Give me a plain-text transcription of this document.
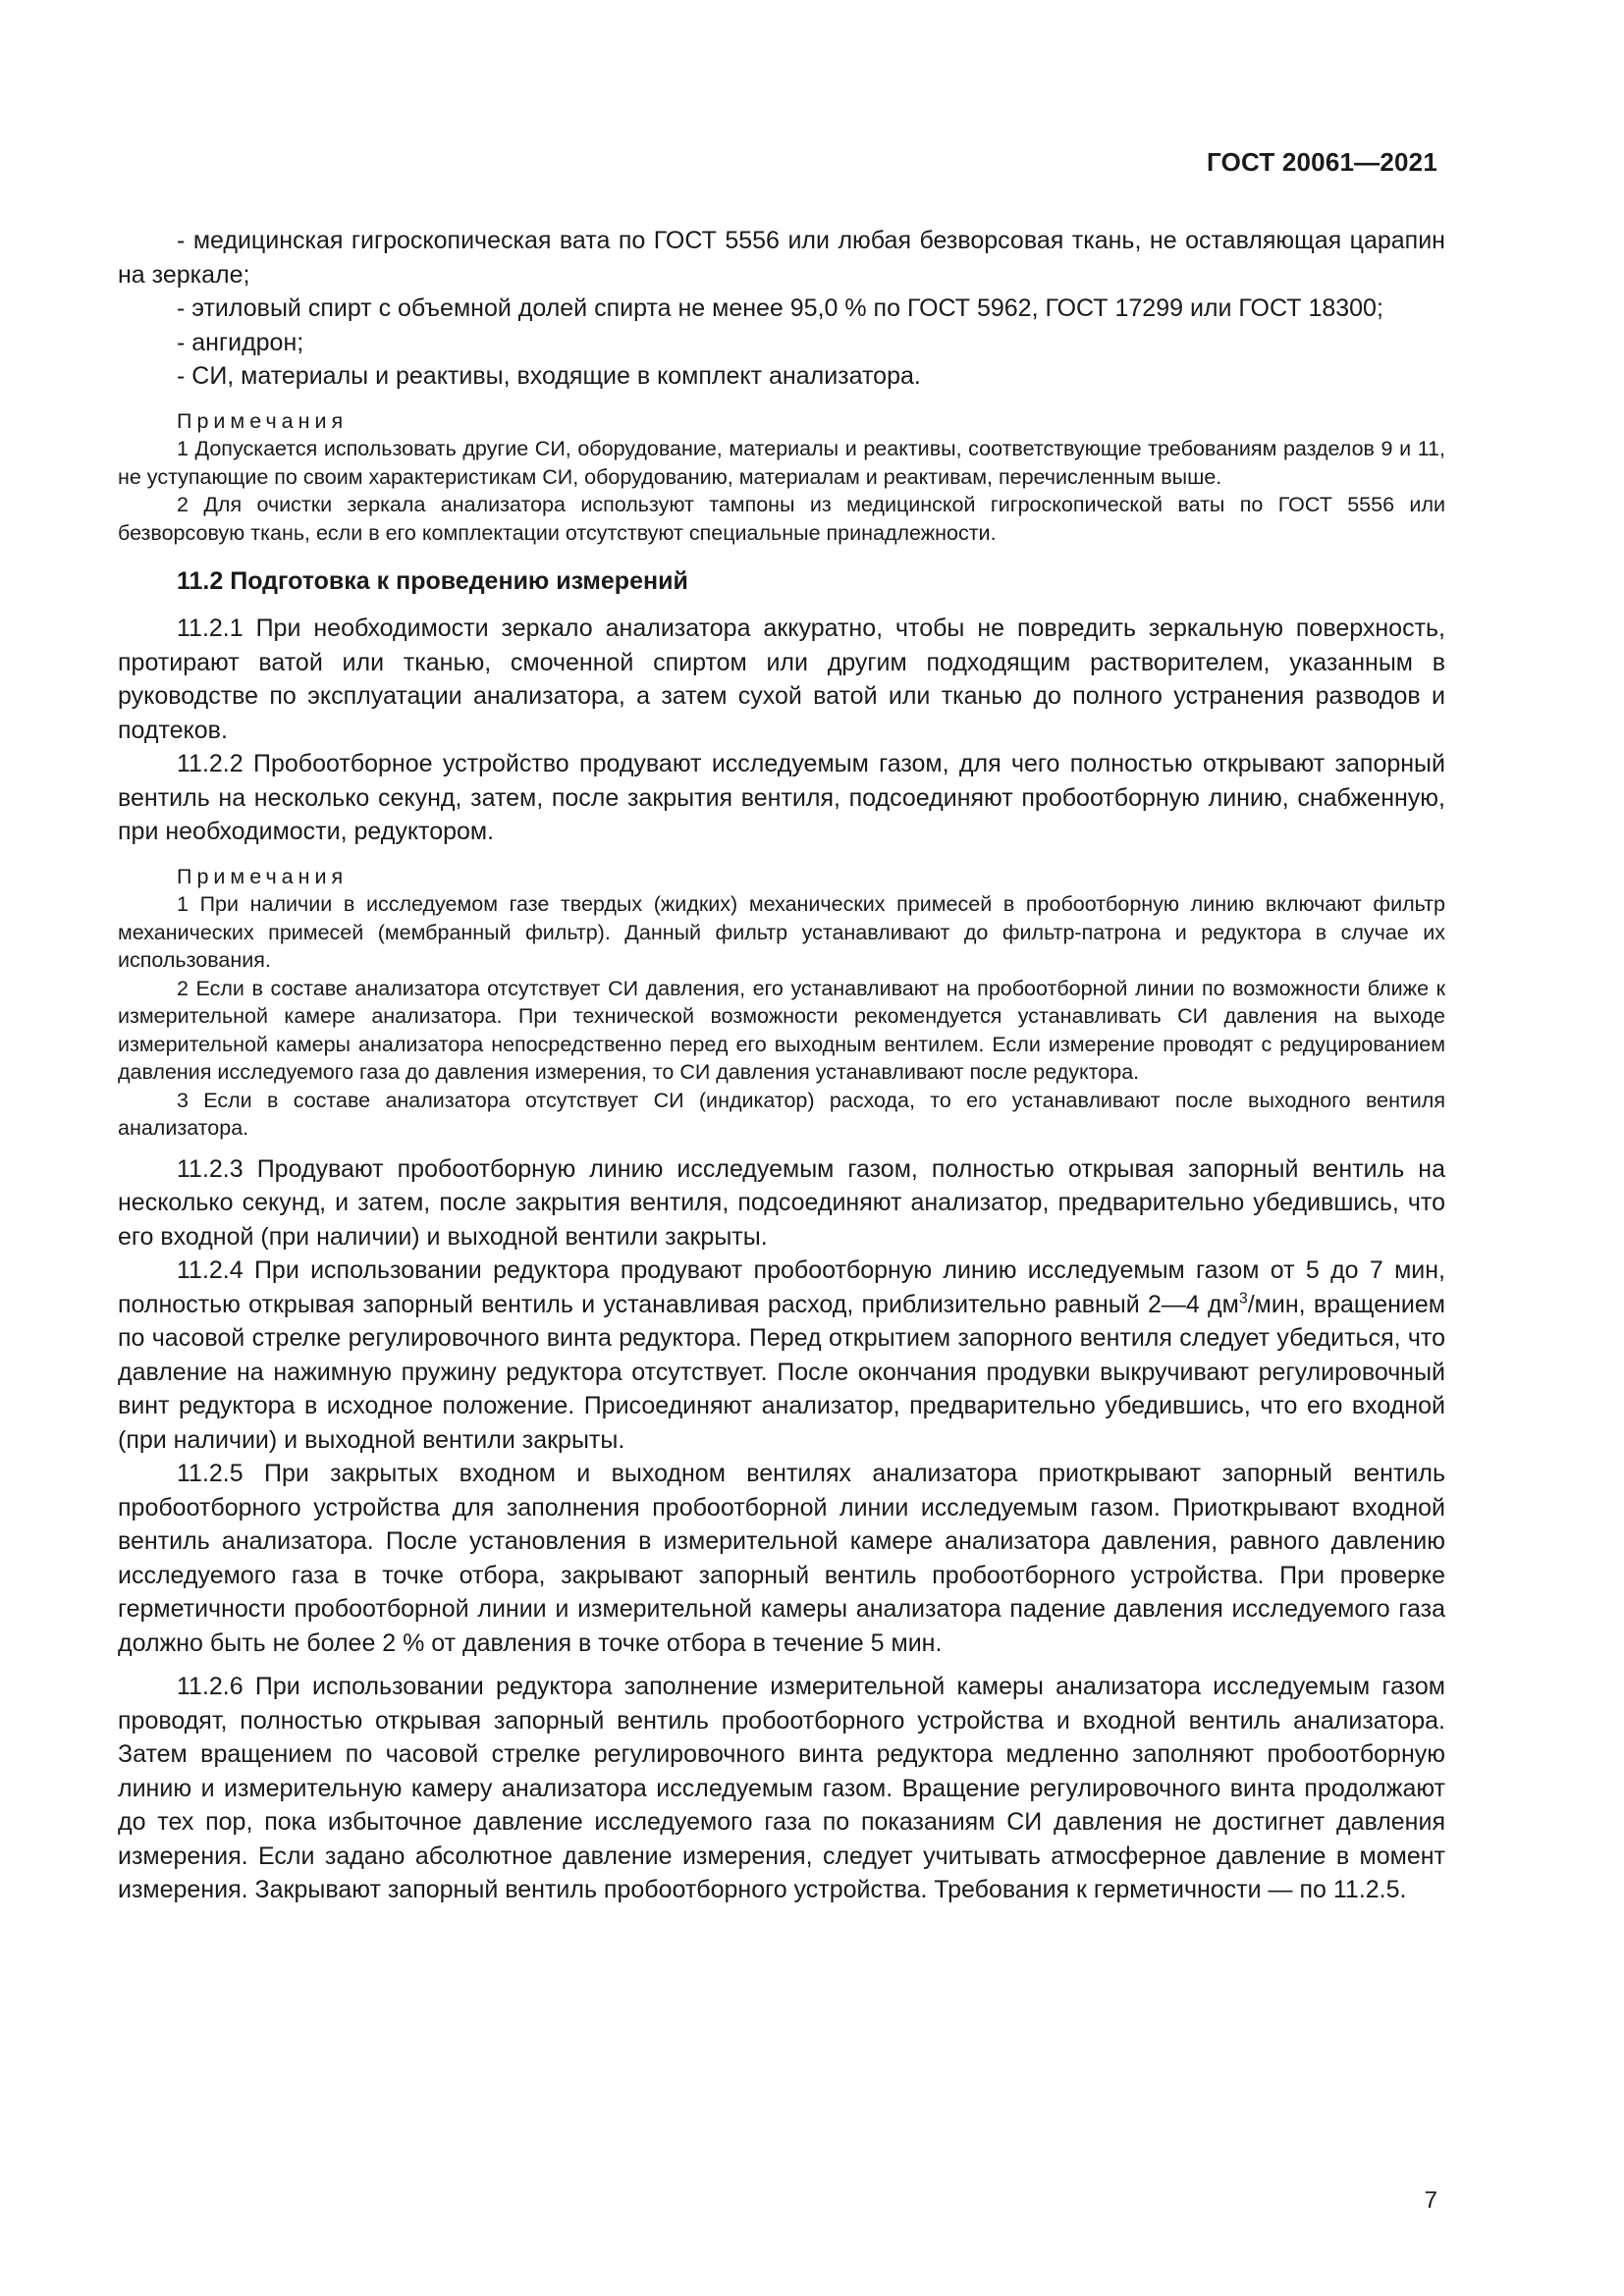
ГОСТ 20061—2021

- медицинская гигроскопическая вата по ГОСТ 5556 или любая безворсовая ткань, не оставляющая царапин на зеркале;

- этиловый спирт с объемной долей спирта не менее 95,0 % по ГОСТ 5962, ГОСТ 17299 или ГОСТ 18300;

- ангидрон;

- СИ, материалы и реактивы, входящие в комплект анализатора.

Примечания

1 Допускается использовать другие СИ, оборудование, материалы и реактивы, соответствующие требованиям разделов 9 и 11, не уступающие по своим характеристикам СИ, оборудованию, материалам и реактивам, перечисленным выше.

2 Для очистки зеркала анализатора используют тампоны из медицинской гигроскопической ваты по ГОСТ 5556 или безворсовую ткань, если в его комплектации отсутствуют специальные принадлежности.

11.2 Подготовка к проведению измерений

11.2.1 При необходимости зеркало анализатора аккуратно, чтобы не повредить зеркальную поверхность, протирают ватой или тканью, смоченной спиртом или другим подходящим растворителем, указанным в руководстве по эксплуатации анализатора, а затем сухой ватой или тканью до полного устранения разводов и подтеков.

11.2.2 Пробоотборное устройство продувают исследуемым газом, для чего полностью открывают запорный вентиль на несколько секунд, затем, после закрытия вентиля, подсоединяют пробоотборную линию, снабженную, при необходимости, редуктором.

Примечания

1 При наличии в исследуемом газе твердых (жидких) механических примесей в пробоотборную линию включают фильтр механических примесей (мембранный фильтр). Данный фильтр устанавливают до фильтр-патрона и редуктора в случае их использования.

2 Если в составе анализатора отсутствует СИ давления, его устанавливают на пробоотборной линии по возможности ближе к измерительной камере анализатора. При технической возможности рекомендуется устанавливать СИ давления на выходе измерительной камеры анализатора непосредственно перед его выходным вентилем. Если измерение проводят с редуцированием давления исследуемого газа до давления измерения, то СИ давления устанавливают после редуктора.

3 Если в составе анализатора отсутствует СИ (индикатор) расхода, то его устанавливают после выходного вентиля анализатора.

11.2.3 Продувают пробоотборную линию исследуемым газом, полностью открывая запорный вентиль на несколько секунд, и затем, после закрытия вентиля, подсоединяют анализатор, предварительно убедившись, что его входной (при наличии) и выходной вентили закрыты.

11.2.4 При использовании редуктора продувают пробоотборную линию исследуемым газом от 5 до 7 мин, полностью открывая запорный вентиль и устанавливая расход, приблизительно равный 2—4 $дм^3$/мин, вращением по часовой стрелке регулировочного винта редуктора. Перед открытием запорного вентиля следует убедиться, что давление на нажимную пружину редуктора отсутствует. После окончания продувки выкручивают регулировочный винт редуктора в исходное положение. Присоединяют анализатор, предварительно убедившись, что его входной (при наличии) и выходной вентили закрыты.

11.2.5 При закрытых входном и выходном вентилях анализатора приоткрывают запорный вентиль пробоотборного устройства для заполнения пробоотборной линии исследуемым газом. Приоткрывают входной вентиль анализатора. После установления в измерительной камере анализатора давления, равного давлению исследуемого газа в точке отбора, закрывают запорный вентиль пробоотборного устройства. При проверке герметичности пробоотборной линии и измерительной камеры анализатора падение давления исследуемого газа должно быть не более 2 % от давления в точке отбора в течение 5 мин.

11.2.6 При использовании редуктора заполнение измерительной камеры анализатора исследуемым газом проводят, полностью открывая запорный вентиль пробоотборного устройства и входной вентиль анализатора. Затем вращением по часовой стрелке регулировочного винта редуктора медленно заполняют пробоотборную линию и измерительную камеру анализатора исследуемым газом. Вращение регулировочного винта продолжают до тех пор, пока избыточное давление исследуемого газа по показаниям СИ давления не достигнет давления измерения. Если задано абсолютное давление измерения, следует учитывать атмосферное давление в момент измерения. Закрывают запорный вентиль пробоотборного устройства. Требования к герметичности — по 11.2.5.

7
